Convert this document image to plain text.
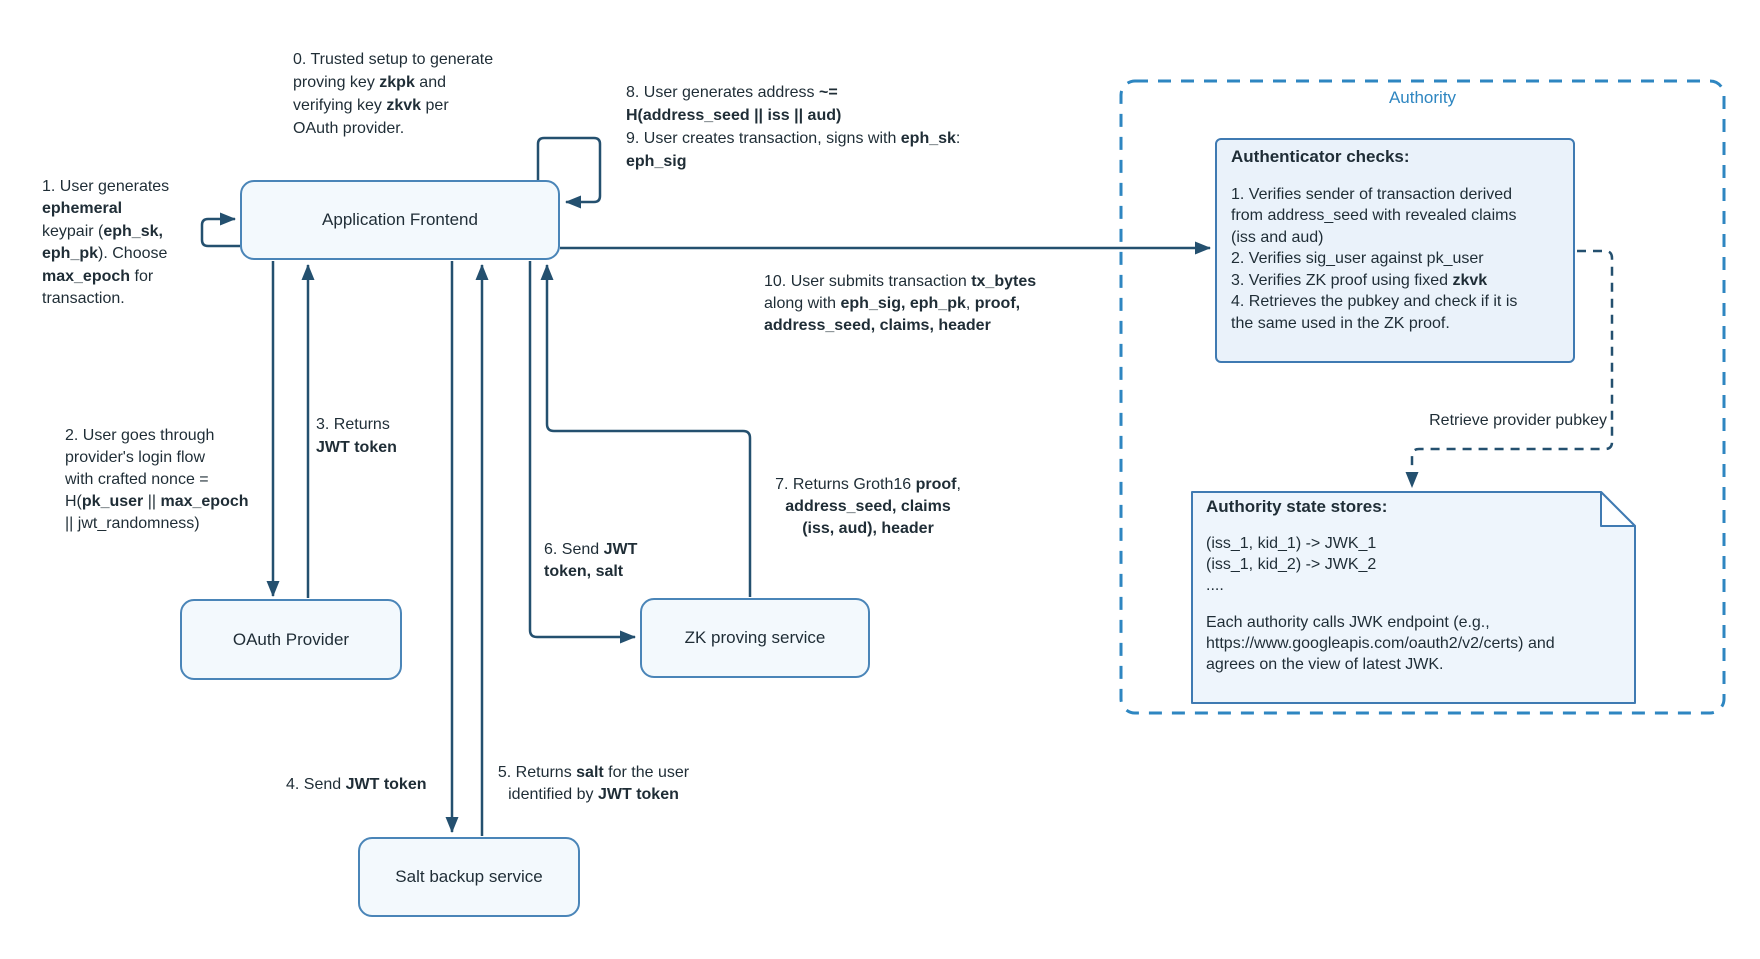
Application Frontend
OAuth Provider	ZK proving service
Salt backup service
Authority
Authenticator checks:
1. Verifies sender of transaction derived
from address_seed with revealed claims
(iss and aud)
2. Verifies sig_user against pk_user
3. Verifies ZK proof using fixed zkvk
4. Retrieves the pubkey and check if it is
the same used in the ZK proof.
Retrieve provider pubkey
Authority state stores:
(iss_1, kid_1) -> JWK_1
(iss_1, kid_2) -> JWK_2
....
Each authority calls JWK endpoint (e.g.,
https://www.googleapis.com/oauth2/v2/certs) and
agrees on the view of latest JWK.
0. Trusted setup to generate
proving key zkpk and
verifying key zkvk per
OAuth provider.
1. User generates
ephemeral
keypair (eph_sk,
eph_pk). Choose
max_epoch for
transaction.
2. User goes through
provider's login flow
with crafted nonce =
H(pk_user || max_epoch
|| jwt_randomness)
3. Returns
JWT token
4. Send JWT token
5. Returns salt for the user
identified by JWT token
6. Send JWT
token, salt
7. Returns Groth16 proof,
address_seed, claims
(iss, aud), header
8. User generates address ~=
H(address_seed || iss || aud)
9. User creates transaction, signs with eph_sk:
eph_sig
10. User submits transaction tx_bytes
along with eph_sig, eph_pk, proof,
address_seed, claims, header
